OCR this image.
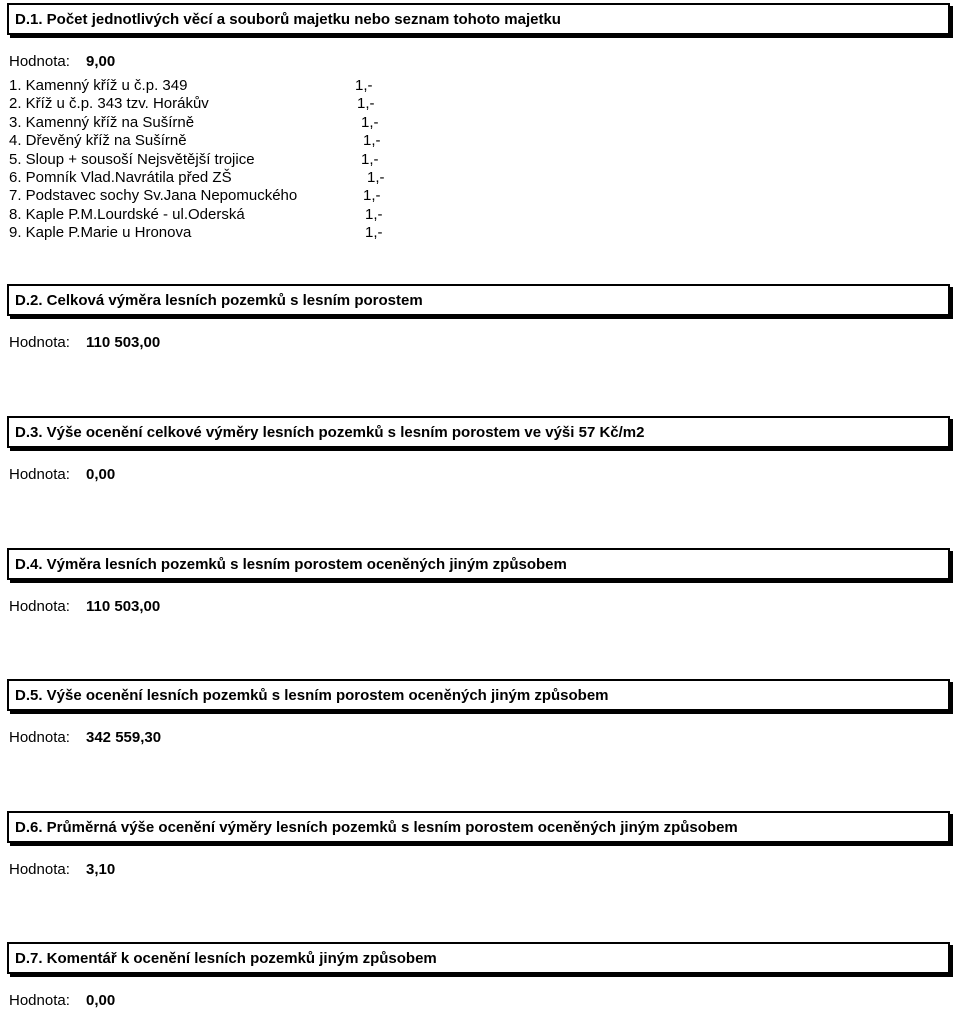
D.1. Počet jednotlivých věcí a souborů majetku nebo seznam tohoto majetku
Hodnota: 9,00
1. Kamenný kříž u č.p. 349	1,-
2. Kříž u č.p. 343 tzv. Horákův	1,-
3. Kamenný kříž na Sušírně	1,-
4. Dřevěný kříž na Sušírně	1,-
5. Sloup + sousoší Nejsvětější trojice	1,-
6. Pomník Vlad.Navrátila před ZŠ	1,-
7. Podstavec sochy Sv.Jana Nepomuckého	1,-
8. Kaple P.M.Lourdské - ul.Oderská	1,-
9. Kaple P.Marie u Hronova	1,-
D.2. Celková výměra lesních pozemků s lesním porostem
Hodnota: 110 503,00
D.3. Výše ocenění celkové výměry lesních pozemků s lesním porostem ve výši 57 Kč/m2
Hodnota: 0,00
D.4. Výměra lesních pozemků s lesním porostem oceněných jiným způsobem
Hodnota: 110 503,00
D.5. Výše ocenění lesních pozemků s lesním porostem oceněných jiným způsobem
Hodnota: 342 559,30
D.6. Průměrná výše ocenění výměry lesních pozemků s lesním porostem oceněných jiným způsobem
Hodnota: 3,10
D.7. Komentář k ocenění lesních pozemků jiným způsobem
Hodnota: 0,00
